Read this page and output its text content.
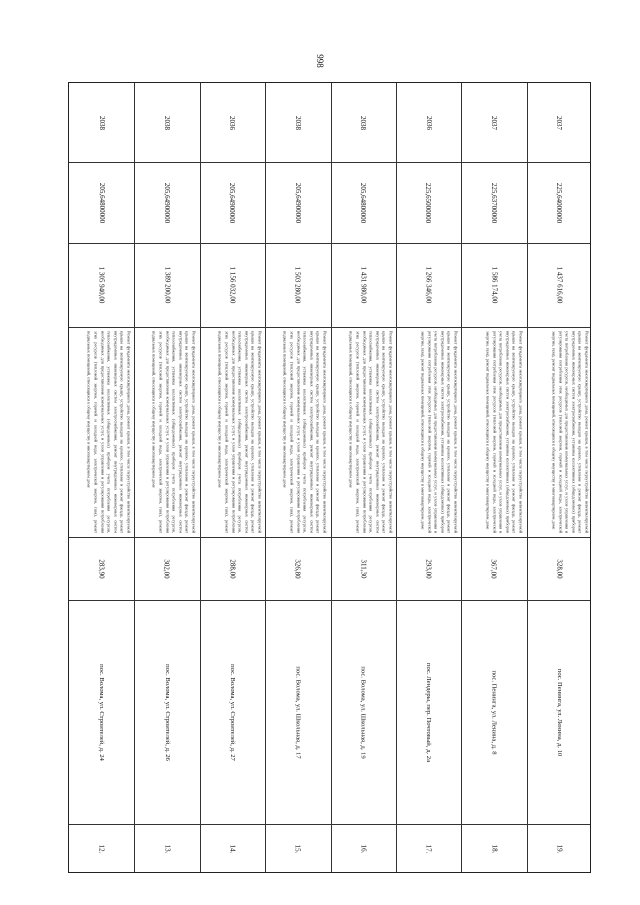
998
2038
205,64800000
1 305 940,00
Ремонт фундамента многоквартирного дома, ремонт крыши, в том числе переустройство невентилируемой крыши на вентилируемую крышу, устройство выходов на кровлю, утепление и ремонт фасада, ремонт внутридомовых инженерных систем электроснабжения, ремонт внутридомовых инженерных систем теплоснабжения, установка коллективных (общедомовых) приборов учета потребления ресурсов, необходимых для предоставления коммунальных услуг, и узлов управления и регулирования потребления этих ресурсов (тепловой энергии, горячей и холодной воды, электрической энергии, газа), ремонт подвальных помещений, относящихся к общему имуществу в многоквартирном доме
283,90
пос. Волома, ул. Строителей, д. 24
12.
2038
205,64900000
1 389 200,00
Ремонт фундамента многоквартирного дома, ремонт крыши, в том числе переустройство невентилируемой крыши на вентилируемую крышу, устройство выходов на кровлю, утепление и ремонт фасада, ремонт внутридомовых инженерных систем электроснабжения, ремонт внутридомовых инженерных систем теплоснабжения, установка коллективных (общедомовых) приборов учета потребления ресурсов, необходимых для предоставления коммунальных услуг, и узлов управления и регулирования потребления этих ресурсов (тепловой энергии, горячей и холодной воды, электрической энергии, газа), ремонт подвальных помещений, относящихся к общему имуществу в многоквартирном доме
302,00
пос. Волома, ул. Строителей, д. 26
13.
2036
205,64900000
1 156 032,00
Ремонт фундамента многоквартирного дома, ремонт крыши, в том числе переустройство невентилируемой крыши на вентилируемую крышу, устройство выходов на кровлю, утепление и ремонт фасада, ремонт внутридомовых инженерных систем электроснабжения, ремонт внутридомовых инженерных систем теплоснабжения, установка коллективных (общедомовых) приборов учета потребления ресурсов, необходимых для предоставления коммунальных услуг, и узлов управления и регулирования потребления этих ресурсов (тепловой энергии, горячей и холодной воды, электрической энергии, газа), ремонт подвальных помещений, относящихся к общему имуществу в многоквартирном доме
288,00
пос. Волома, ул. Строителей, д. 27
14.
2038
205,64900000
1 503 280,00
Ремонт фундамента многоквартирного дома, ремонт крыши, в том числе переустройство невентилируемой крыши на вентилируемую крышу, устройство выходов на кровлю, утепление и ремонт фасада, ремонт внутридомовых инженерных систем электроснабжения, ремонт внутридомовых инженерных систем теплоснабжения, установка коллективных (общедомовых) приборов учета потребления ресурсов, необходимых для предоставления коммунальных услуг, и узлов управления и регулирования потребления этих ресурсов (тепловой энергии, горячей и холодной воды, электрической энергии, газа), ремонт подвальных помещений, относящихся к общему имуществу в многоквартирном доме
326,80
пос. Волома, ул. Школьная, д. 17
15.
2038
205,64800000
1 431 980,00
Ремонт фундамента многоквартирного дома, ремонт крыши, в том числе переустройство невентилируемой крыши на вентилируемую крышу, устройство выходов на кровлю, утепление и ремонт фасада, ремонт внутридомовых инженерных систем электроснабжения, ремонт внутридомовых инженерных систем теплоснабжения, установка коллективных (общедомовых) приборов учета потребления ресурсов, необходимых для предоставления коммунальных услуг, и узлов управления и регулирования потребления этих ресурсов (тепловой энергии, горячей и холодной воды, электрической энергии, газа), ремонт подвальных помещений, относящихся к общему имуществу в многоквартирном доме
311,30
пос. Волома, ул. Школьная, д. 19
16.
2036
225,65000000
1 266 346,00
Ремонт фундамента многоквартирного дома, ремонт крыши, в том числе переустройство невентилируемой крыши на вентилируемую крышу, устройство выходов на кровлю, утепление и ремонт фасада, ремонт внутридомовых инженерных систем электроснабжения, установка коллективных (общедомовых) приборов учета потребления ресурсов, необходимых для предоставления коммунальных услуг, и узлов управления и регулирования потребления этих ресурсов (тепловой энергии, горячей и холодной воды, электрической энергии, газа), ремонт подвальных помещений, относящихся к общему имуществу в многоквартирном доме
293,00
пос. Лендеры, пер. Почтовый, д. 2а
17.
2037
225,63700000
1 586 174,00
Ремонт фундамента многоквартирного дома, ремонт крыши, в том числе переустройство невентилируемой крыши на вентилируемую крышу, устройство выходов на кровлю, утепление и ремонт фасада, ремонт внутридомовых инженерных систем электроснабжения, установка коллективных (общедомовых) приборов учета потребления ресурсов, необходимых для предоставления коммунальных услуг, и узлов управления и регулирования потребления этих ресурсов (тепловой энергии, горячей и холодной воды, электрической энергии, газа), ремонт подвальных помещений, относящихся к общему имуществу в многоквартирном доме
367,00
пос. Пенинга, ул. Ленина, д. 8
18.
2037
225,64000000
1 437 616,00
Ремонт фундамента многоквартирного дома, ремонт крыши, в том числе переустройство невентилируемой крыши на вентилируемую крышу, устройство выходов на кровлю, утепление и ремонт фасада, ремонт внутридомовых инженерных систем электроснабжения, установка коллективных (общедомовых) приборов учета потребления ресурсов, необходимых для предоставления коммунальных услуг, и узлов управления и регулирования потребления этих ресурсов (тепловой энергии, горячей и холодной воды, электрической энергии, газа), ремонт подвальных помещений, относящихся к общему имуществу в многоквартирном доме
328,00
пос. Пенинга, ул. Ленина, д. 10
19.
